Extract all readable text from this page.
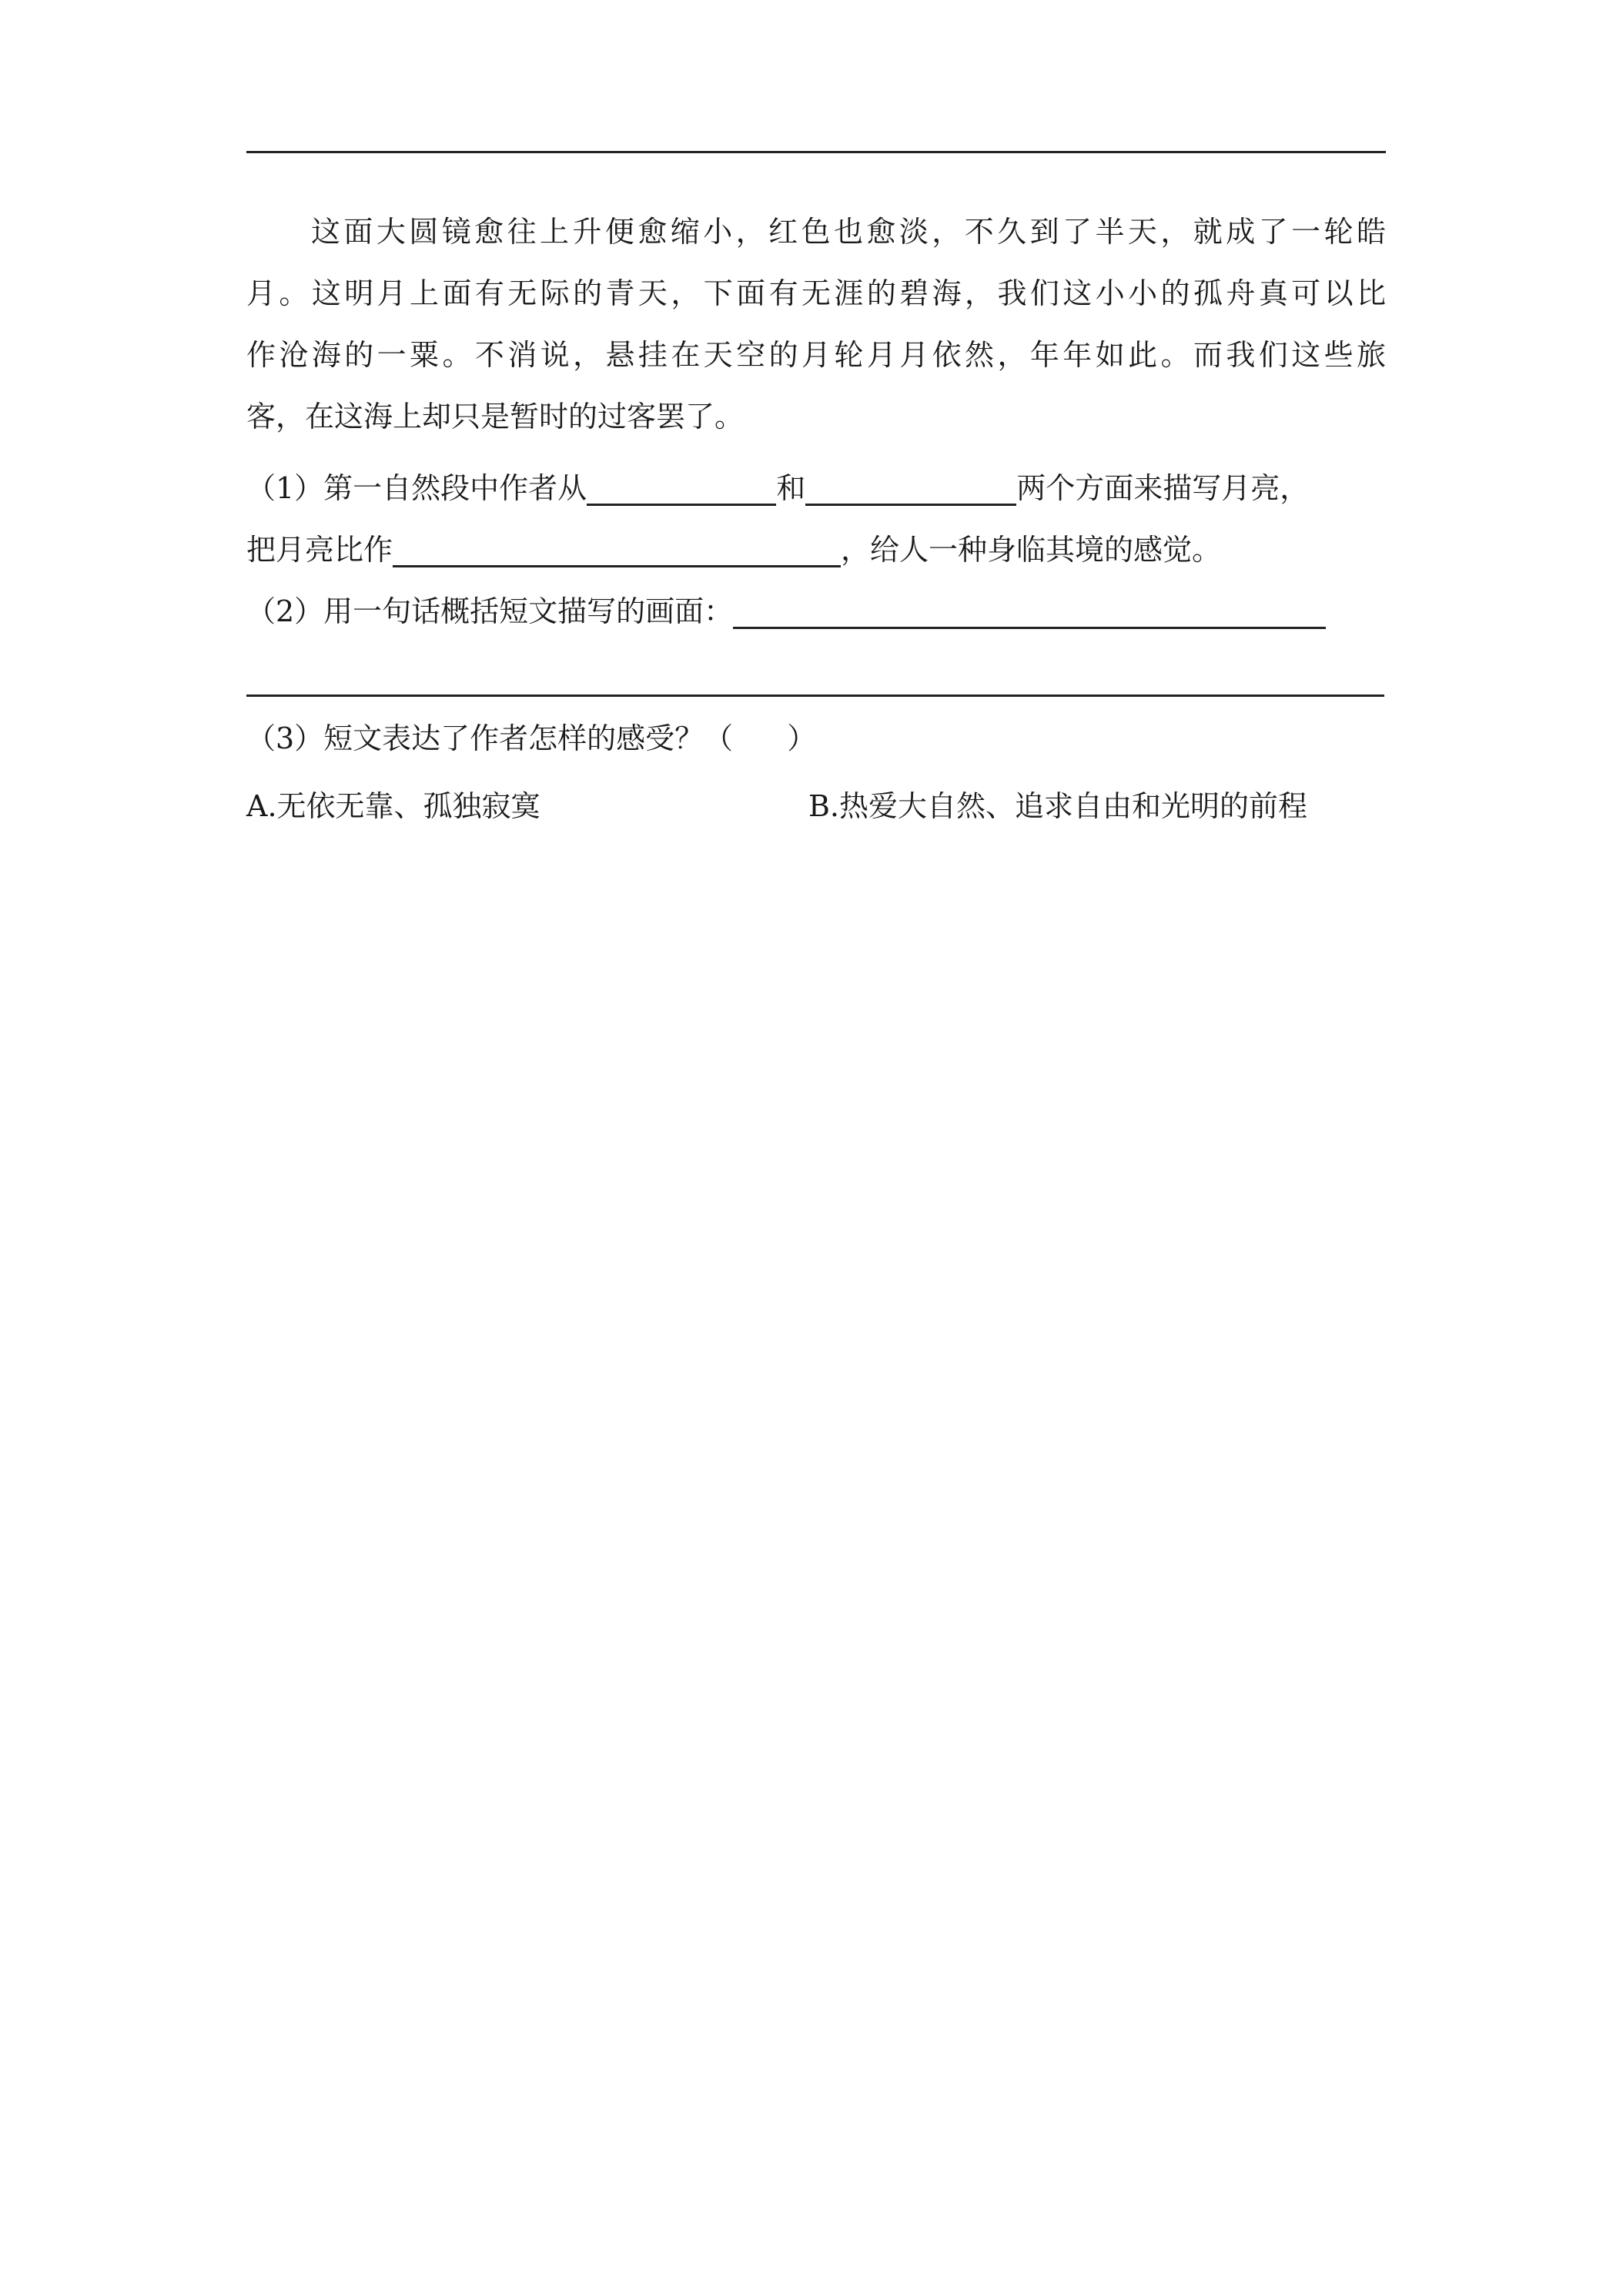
这面大圆镜愈往上升便愈缩小，红色也愈淡，不久到了半天，就成了一轮皓
月。这明月上面有无际的青天，下面有无涯的碧海，我们这小小的孤舟真可以比
作沧海的一粟。不消说，悬挂在天空的月轮月月依然，年年如此。而我们这些旅
客，在这海上却只是暂时的过客罢了。
（1）第一自然段中作者从	和	两个方面来描写月亮，
把月亮比作	，给人一种身临其境的感觉。
（2）用一句话概括短文描写的画面：
（3）短文表达了作者怎样的感受？（ ）
A.无依无靠、孤独寂寞	B.热爱大自然、追求自由和光明的前程
